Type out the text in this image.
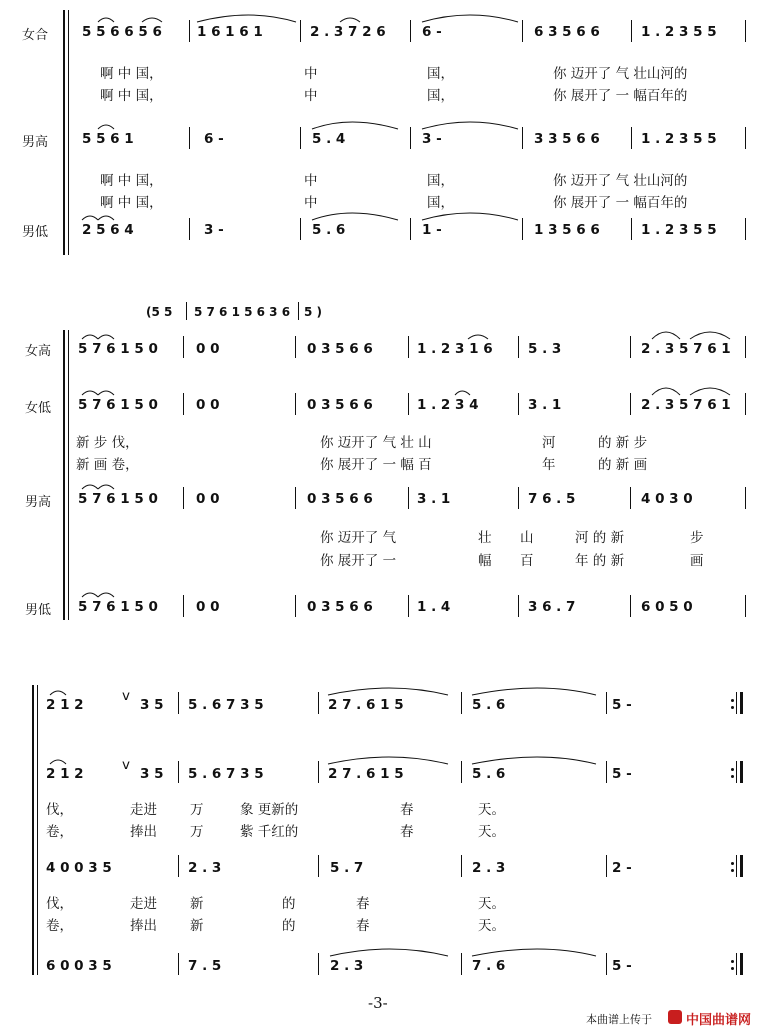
女合
男高
男低
5 5 6 6 5 6	1 6 1 6 1	2 . 3 7 2 6	6 -	6 3 5 6 6	1 . 2 3 5 5
啊 中 国，	中	国，	你 迈开了 气 壮山河的
啊 中 国，	中	国，	你 展开了 一 幅百年的
5 5 6 1	6 -	5 . 4	3 -	3 3 5 6 6	1 . 2 3 5 5
啊 中 国，	中	国，	你 迈开了 气 壮山河的
啊 中 国，	中	国，	你 展开了 一 幅百年的
2 5 6 4	3 -	5 . 6	1 -	1 3 5 6 6	1 . 2 3 5 5
(5 5 5 7 6 1 5 6 3 6 5 )
女高
女低
男高
男低
5 7 6 1 5 0	0 0	0 3 5 6 6	1 . 2 3 1 6	5 . 3	2 . 3 5 7 6 1
5 7 6 1 5 0	0 0	0 3 5 6 6	1 . 2 3 4	3 . 1	2 . 3 5 7 6 1
新 步 伐，	你 迈开了 气 壮 山	河	的 新 步
新 画 卷，	你 展开了 一 幅 百	年	的 新 画
5 7 6 1 5 0	0 0	0 3 5 6 6	3 . 1	7 6 . 5	4 0 3 0
你 迈开了 气	壮 山	河 的 新	步
你 展开了 一	幅 百	年 的 新	画
5 7 6 1 5 0	0 0	0 3 5 6 6	1 . 4	3 6 . 7	6 0 5 0
2 1 2
v
3 5 5 . 6 7 3 5	2 7 . 6 1 5	5 . 6	5 -
2 1 2
v
3 5 5 . 6 7 3 5	2 7 . 6 1 5	5 . 6	5 -
伐，	走进 万	象 更新的	春	天。
卷，	捧出 万	紫 千红的	春	天。
4 0 0 3 5	2 . 3	5 . 7	2 . 3	2 -
伐，	走进 新	的	春	天。
卷，	捧出 新	的	春	天。
6 0 0 3 5	7 . 5	2 . 3	7 . 6	5 -
-3-
本曲谱上传于	中国曲谱网
